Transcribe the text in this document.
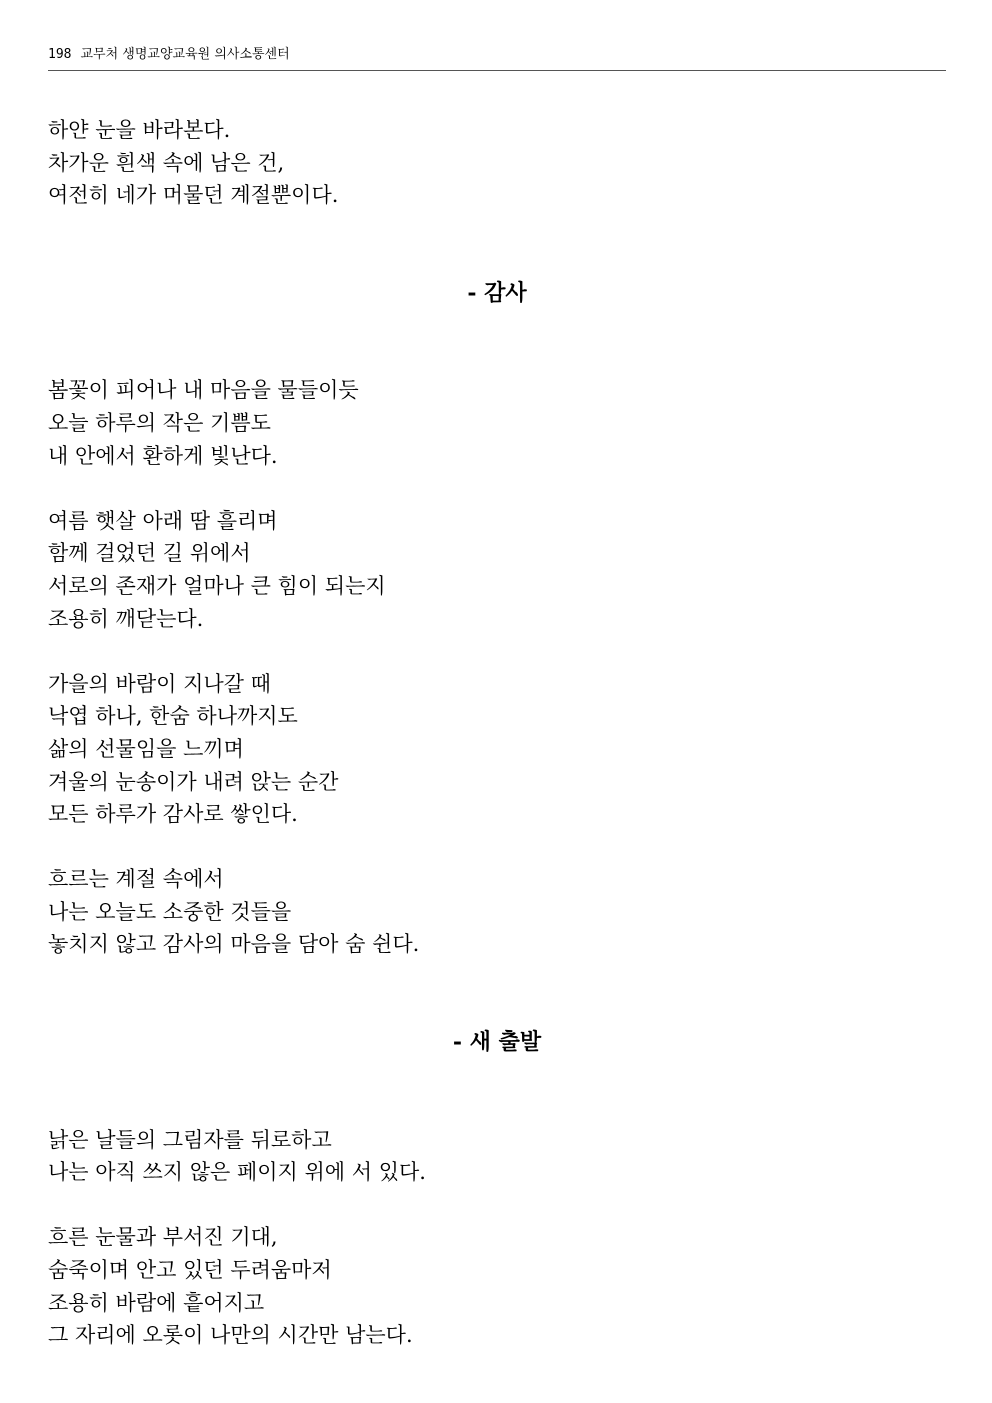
198 교무처 생명교양교육원 의사소통센터
하얀 눈을 바라본다.
차가운 흰색 속에 남은 건,
여전히 네가 머물던 계절뿐이다.
- 감사
봄꽃이 피어나 내 마음을 물들이듯
오늘 하루의 작은 기쁨도
내 안에서 환하게 빛난다.
여름 햇살 아래 땀 흘리며
함께 걸었던 길 위에서
서로의 존재가 얼마나 큰 힘이 되는지
조용히 깨닫는다.
가을의 바람이 지나갈 때
낙엽 하나, 한숨 하나까지도
삶의 선물임을 느끼며
겨울의 눈송이가 내려 앉는 순간
모든 하루가 감사로 쌓인다.
흐르는 계절 속에서
나는 오늘도 소중한 것들을
놓치지 않고 감사의 마음을 담아 숨 쉰다.
- 새 출발
낡은 날들의 그림자를 뒤로하고
나는 아직 쓰지 않은 페이지 위에 서 있다.
흐른 눈물과 부서진 기대,
숨죽이며 안고 있던 두려움마저
조용히 바람에 흩어지고
그 자리에 오롯이 나만의 시간만 남는다.
